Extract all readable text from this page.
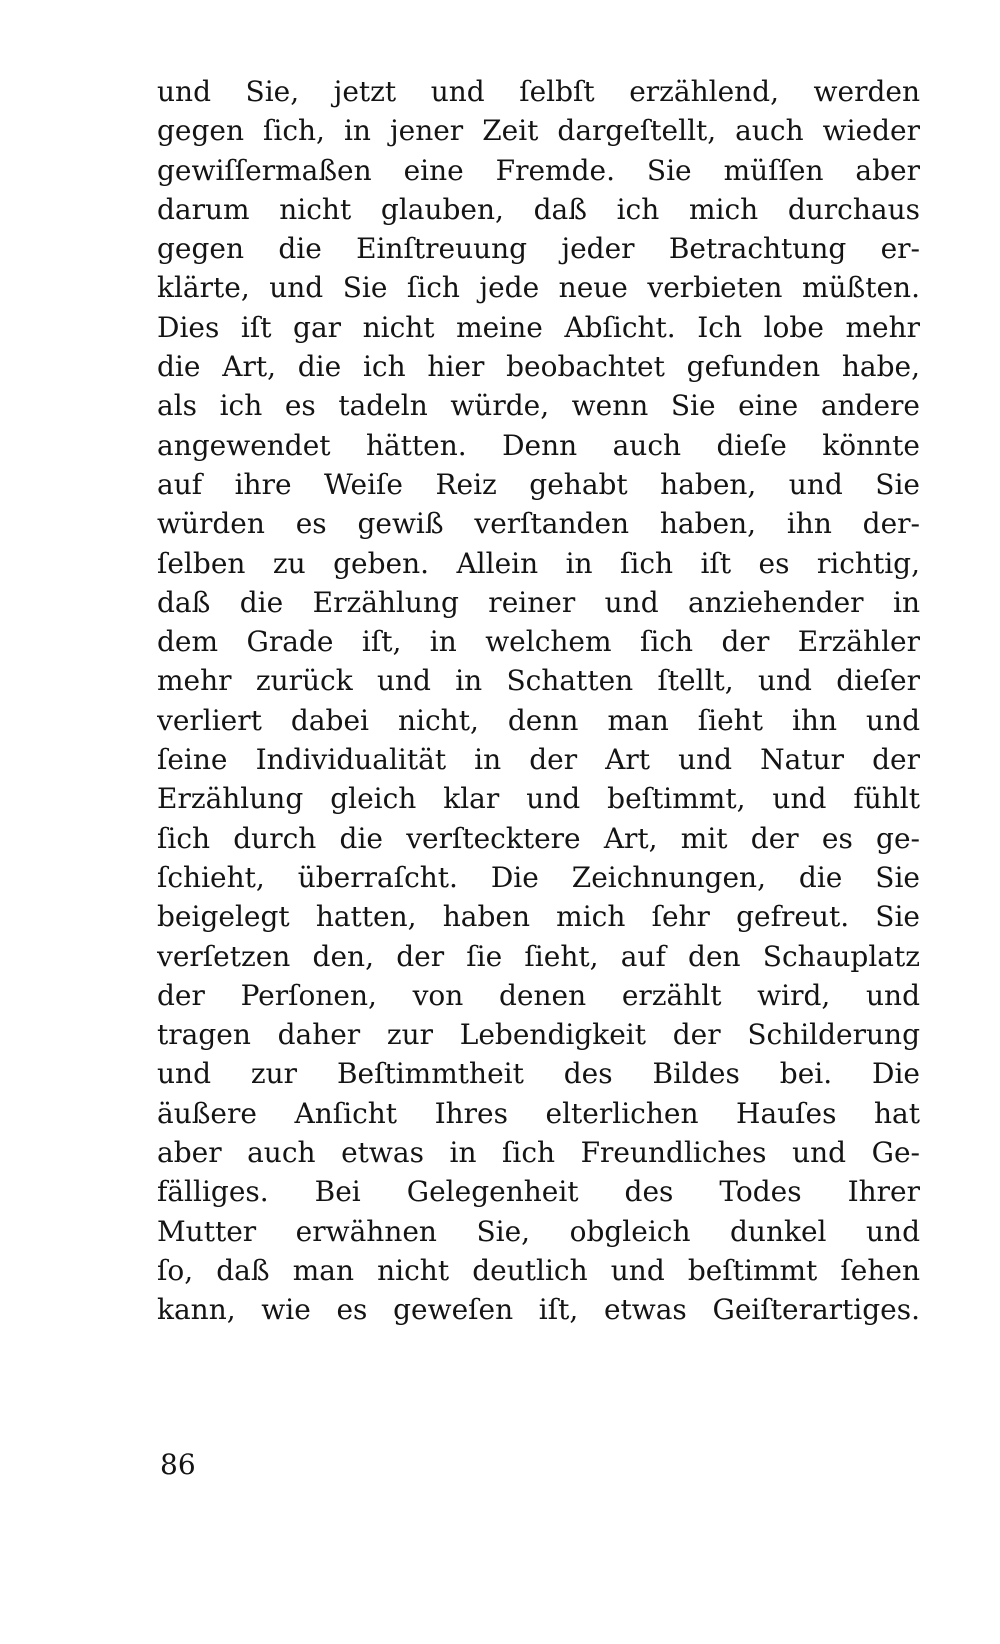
und Sie, jetzt und ſelbſt erzählend, werden
gegen ſich, in jener Zeit dargeſtellt, auch wieder
gewiſſermaßen eine Fremde. Sie müſſen aber
darum nicht glauben, daß ich mich durchaus
gegen die Einſtreuung jeder Betrachtung er-
klärte, und Sie ſich jede neue verbieten müßten.
Dies iſt gar nicht meine Abſicht. Ich lobe mehr
die Art, die ich hier beobachtet gefunden habe,
als ich es tadeln würde, wenn Sie eine andere
angewendet hätten. Denn auch dieſe könnte
auf ihre Weiſe Reiz gehabt haben, und Sie
würden es gewiß verſtanden haben, ihn der-
ſelben zu geben. Allein in ſich iſt es richtig,
daß die Erzählung reiner und anziehender in
dem Grade iſt, in welchem ſich der Erzähler
mehr zurück und in Schatten ſtellt, und dieſer
verliert dabei nicht, denn man ſieht ihn und
ſeine Individualität in der Art und Natur der
Erzählung gleich klar und beſtimmt, und fühlt
ſich durch die verſtecktere Art, mit der es ge-
ſchieht, überraſcht. Die Zeichnungen, die Sie
beigelegt hatten, haben mich ſehr gefreut. Sie
verſetzen den, der ſie ſieht, auf den Schauplatz
der Perſonen, von denen erzählt wird, und
tragen daher zur Lebendigkeit der Schilderung
und zur Beſtimmtheit des Bildes bei. Die
äußere Anſicht Ihres elterlichen Hauſes hat
aber auch etwas in ſich Freundliches und Ge-
fälliges. Bei Gelegenheit des Todes Ihrer
Mutter erwähnen Sie, obgleich dunkel und
ſo, daß man nicht deutlich und beſtimmt ſehen
kann, wie es geweſen iſt, etwas Geiſterartiges.
86
